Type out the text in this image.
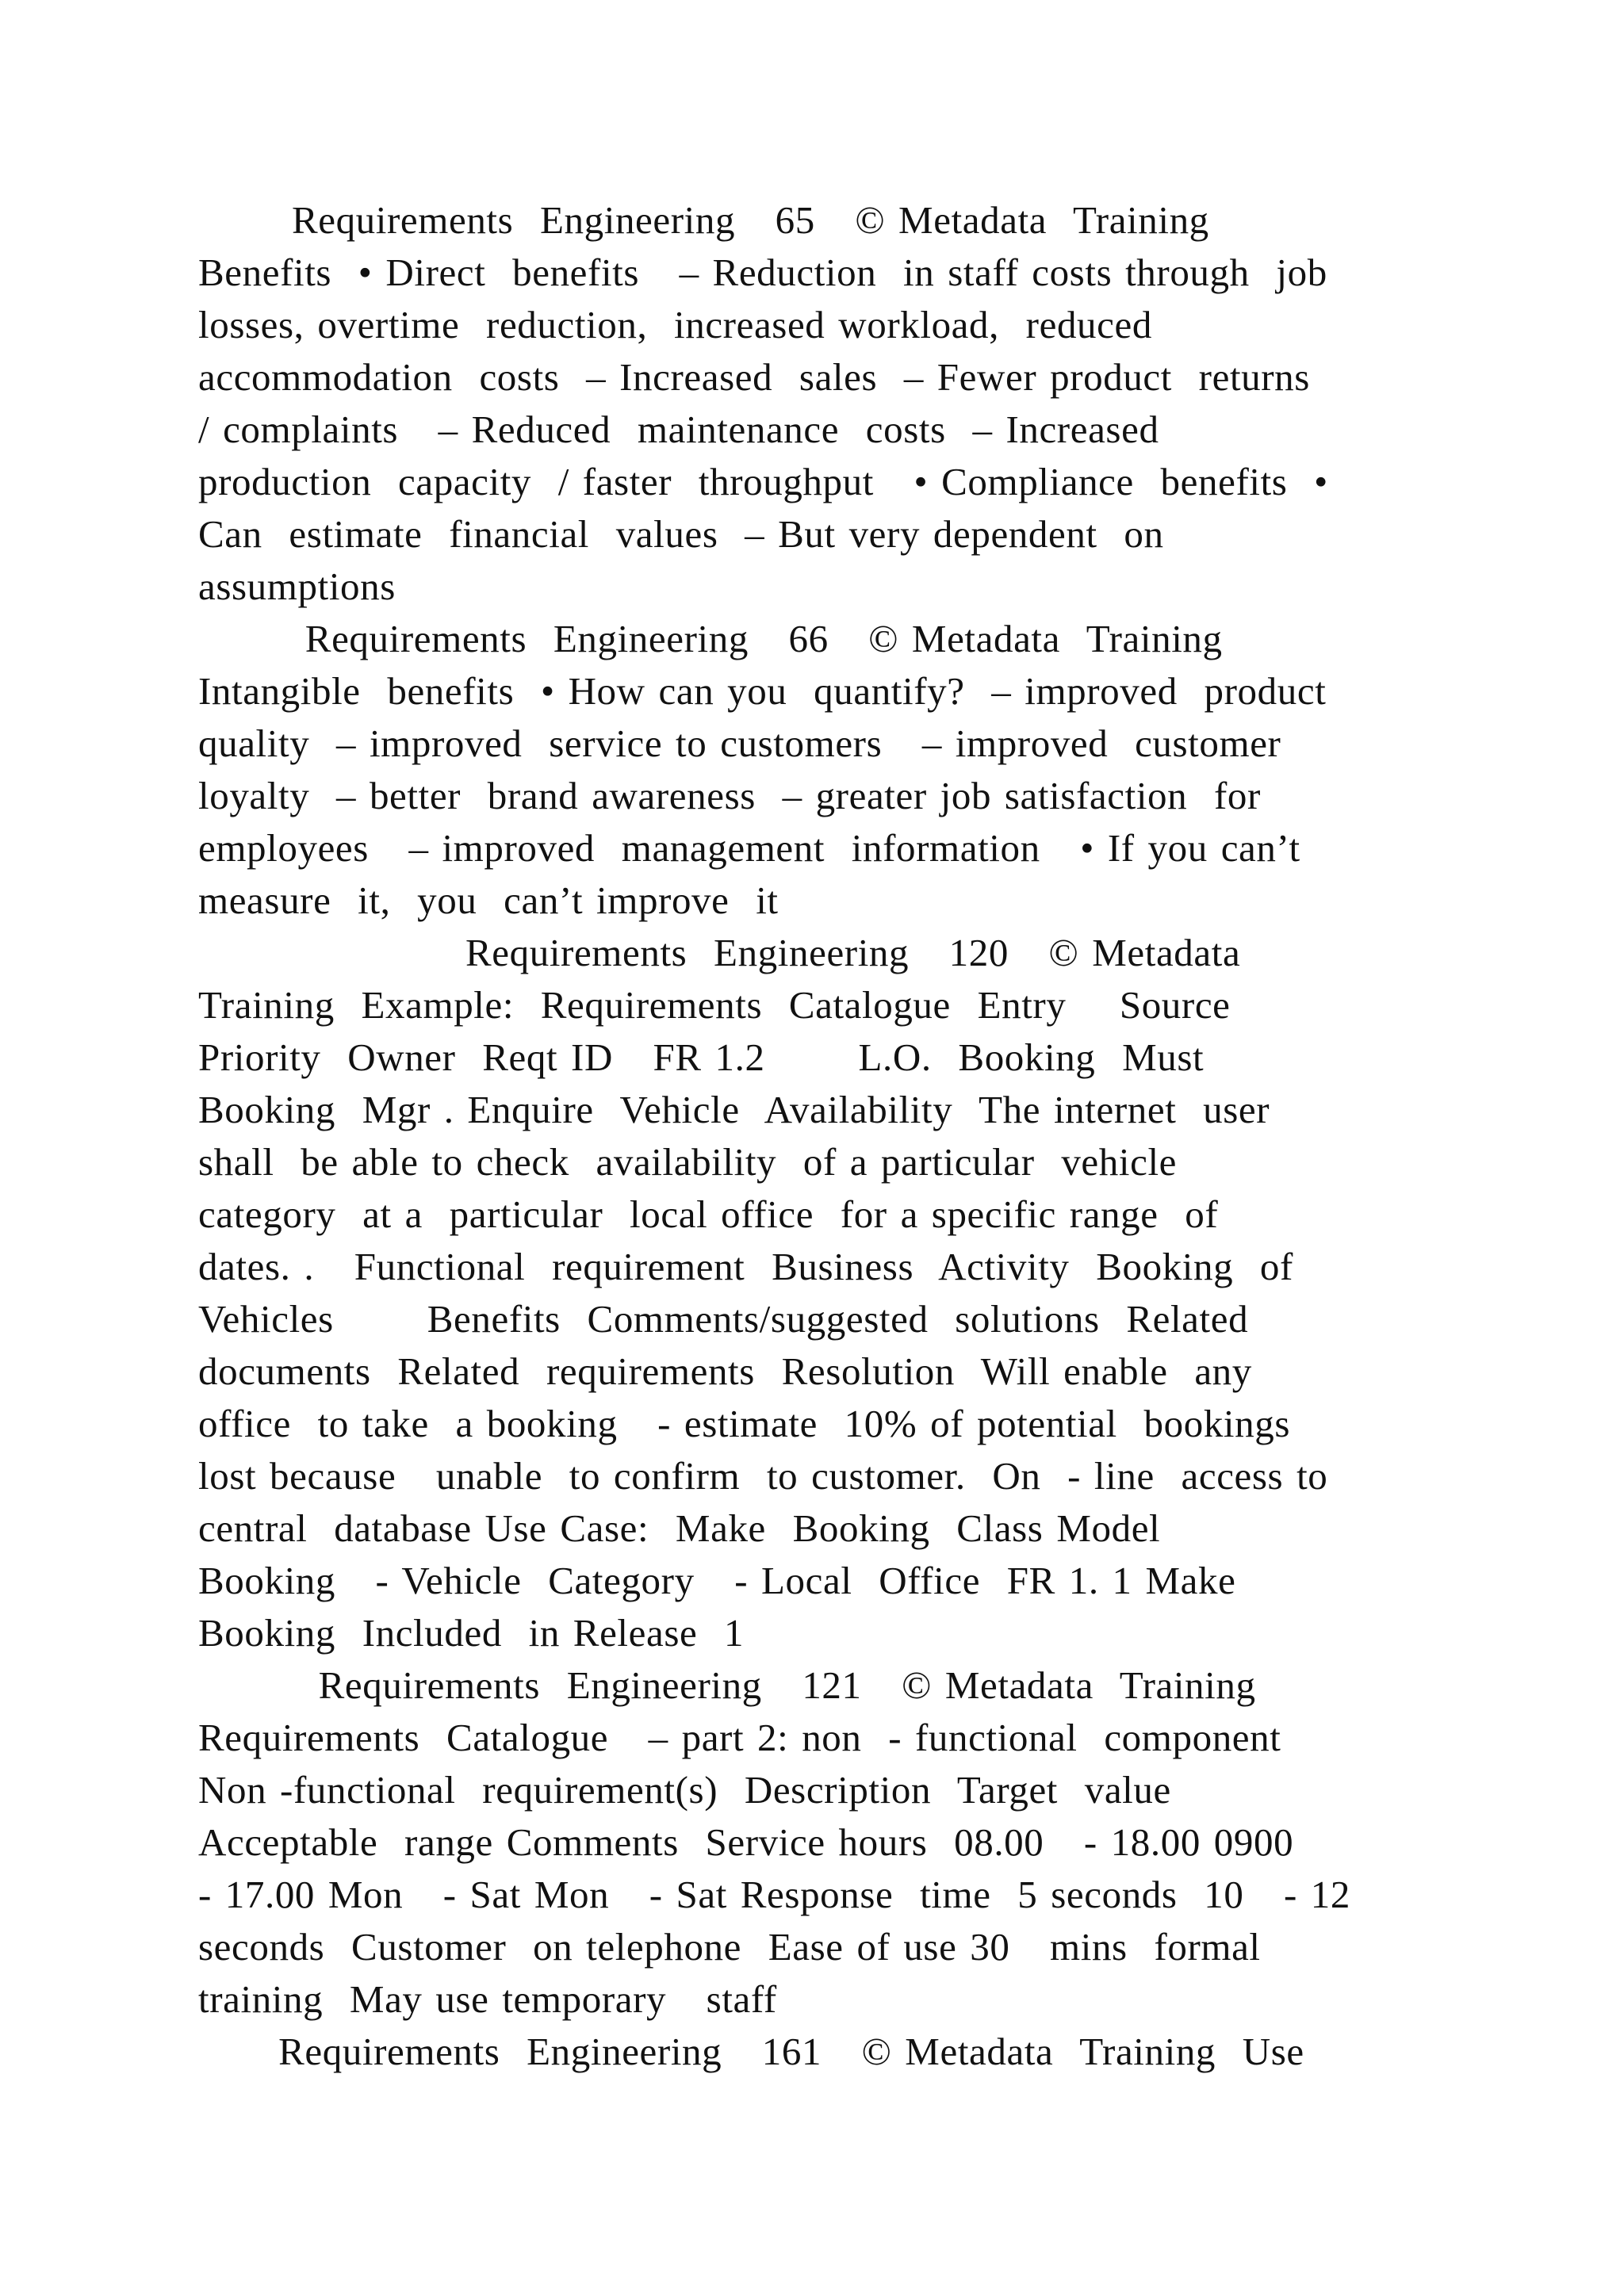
Requirements  Engineering   65   © Metadata  Training
Benefits  • Direct  benefits   – Reduction  in staff costs through  job
losses, overtime  reduction,  increased workload,  reduced
accommodation  costs  – Increased  sales  – Fewer product  returns
/ complaints   – Reduced  maintenance  costs  – Increased
production  capacity  / faster  throughput   • Compliance  benefits  •
Can  estimate  financial  values  – But very dependent  on
assumptions
Requirements  Engineering   66   © Metadata  Training
Intangible  benefits  • How can you  quantify?  – improved  product
quality  – improved  service to customers   – improved  customer
loyalty  – better  brand awareness  – greater job satisfaction  for
employees   – improved  management  information   • If you can’t
measure  it,  you  can’t improve  it
Requirements  Engineering   120   © Metadata
Training  Example:  Requirements  Catalogue  Entry    Source
Priority  Owner  Reqt ID   FR 1.2       L.O.  Booking  Must
Booking  Mgr . Enquire  Vehicle  Availability  The internet  user
shall  be able to check  availability  of a particular  vehicle
category  at a  particular  local office  for a specific range  of
dates. .   Functional  requirement  Business  Activity  Booking  of
Vehicles       Benefits  Comments/suggested  solutions  Related
documents  Related  requirements  Resolution  Will enable  any
office  to take  a booking   - estimate  10% of potential  bookings
lost because   unable  to confirm  to customer.  On  - line  access to
central  database Use Case:  Make  Booking  Class Model
Booking   - Vehicle  Category   - Local  Office  FR 1. 1 Make
Booking  Included  in Release  1
Requirements  Engineering   121   © Metadata  Training
Requirements  Catalogue   – part 2: non  - functional  component
Non -functional  requirement(s)  Description  Target  value
Acceptable  range Comments  Service hours  08.00   - 18.00 0900
- 17.00 Mon   - Sat Mon   - Sat Response  time  5 seconds  10   - 12
seconds  Customer  on telephone  Ease of use 30   mins  formal
training  May use temporary   staff
Requirements  Engineering   161   © Metadata  Training  Use
